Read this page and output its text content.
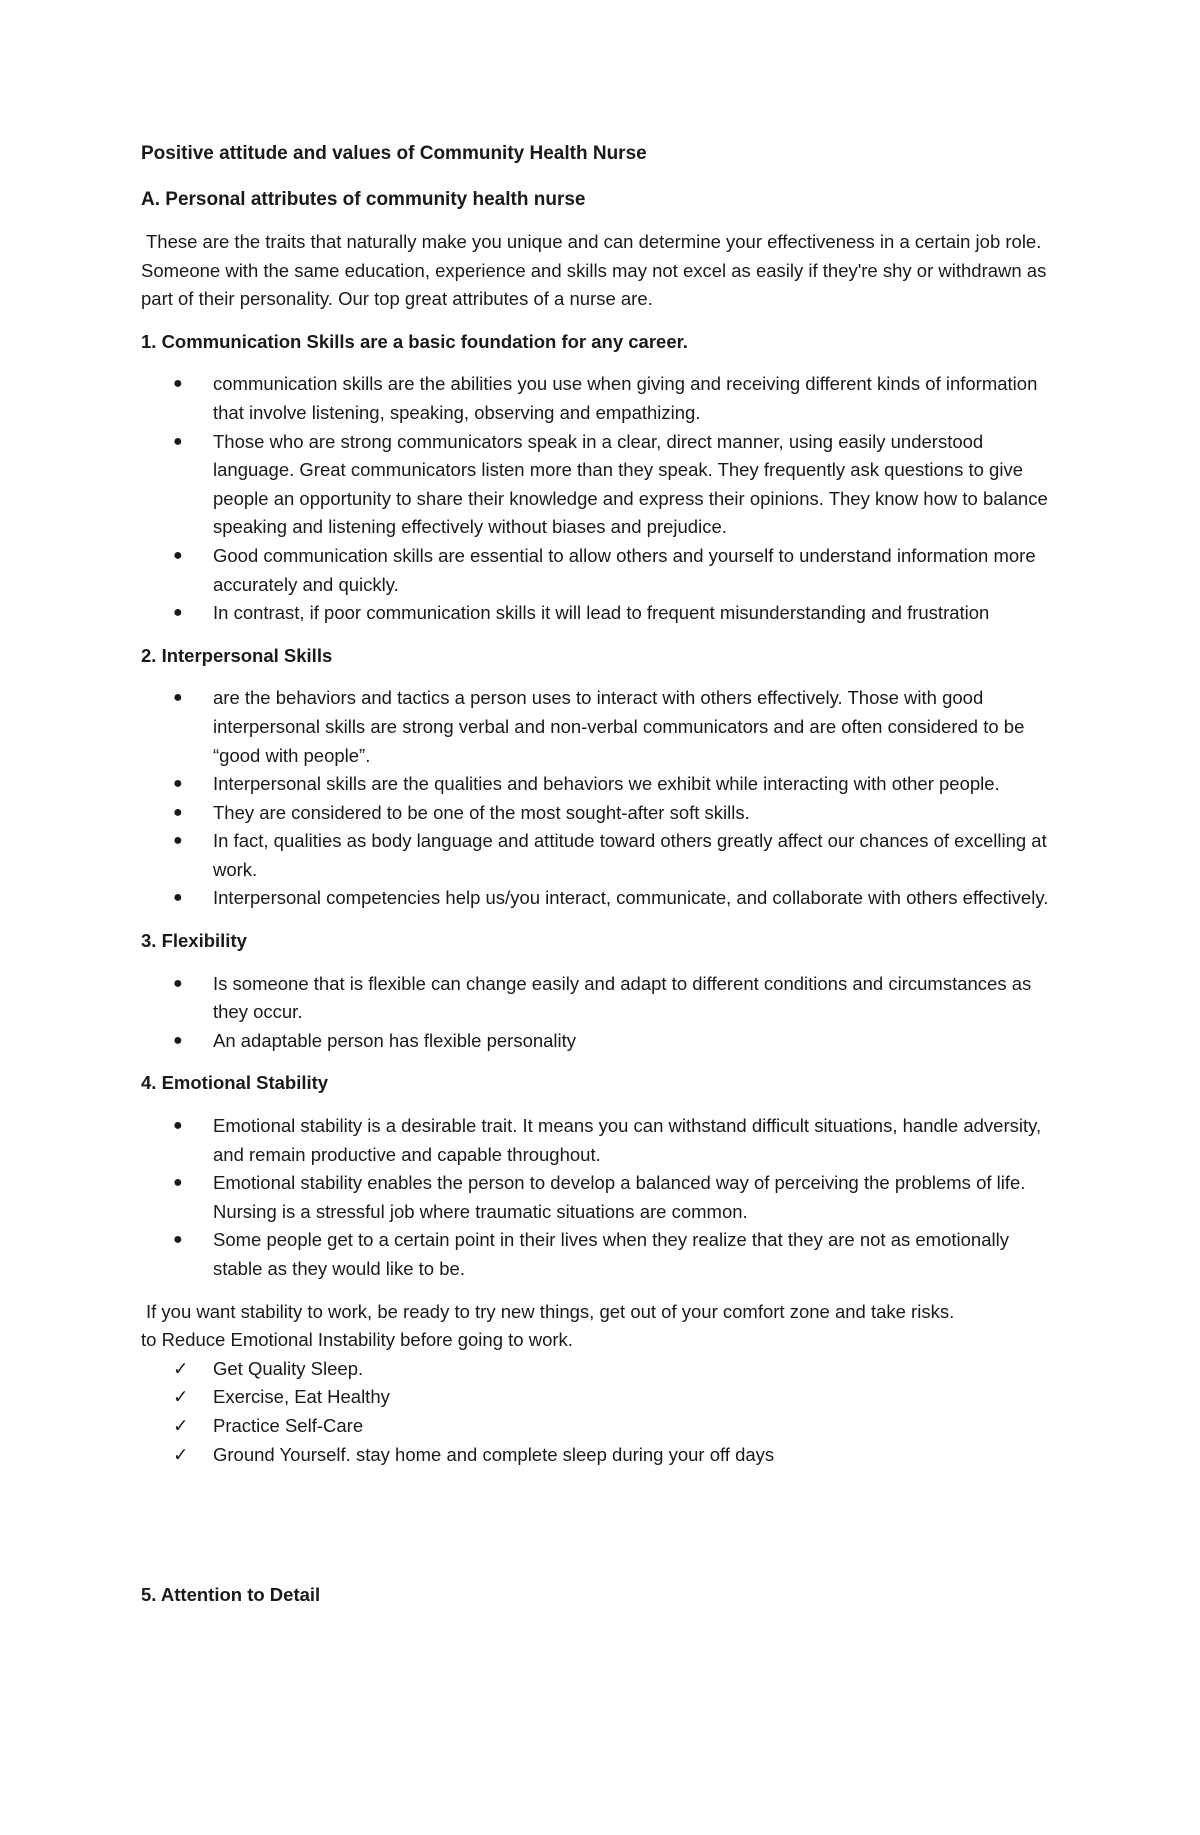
Positive attitude and values of Community Health Nurse

A. Personal attributes of community health nurse

These are the traits that naturally make you unique and can determine your effectiveness in a certain job role. Someone with the same education, experience and skills may not excel as easily if they're shy or withdrawn as part of their personality. Our top great attributes of a nurse are.

1. Communication Skills are a basic foundation for any career.

● communication skills are the abilities you use when giving and receiving different kinds of information that involve listening, speaking, observing and empathizing.
● Those who are strong communicators speak in a clear, direct manner, using easily understood language. Great communicators listen more than they speak. They frequently ask questions to give people an opportunity to share their knowledge and express their opinions. They know how to balance speaking and listening effectively without biases and prejudice.
● Good communication skills are essential to allow others and yourself to understand information more accurately and quickly.
● In contrast, if poor communication skills it will lead to frequent misunderstanding and frustration

2. Interpersonal Skills

● are the behaviors and tactics a person uses to interact with others effectively. Those with good interpersonal skills are strong verbal and non-verbal communicators and are often considered to be “good with people”.
● Interpersonal skills are the qualities and behaviors we exhibit while interacting with other people.
● They are considered to be one of the most sought-after soft skills.
● In fact, qualities as body language and attitude toward others greatly affect our chances of excelling at work.
● Interpersonal competencies help us/you interact, communicate, and collaborate with others effectively.

3. Flexibility

● Is someone that is flexible can change easily and adapt to different conditions and circumstances as they occur.
● An adaptable person has flexible personality

4. Emotional Stability

● Emotional stability is a desirable trait. It means you can withstand difficult situations, handle adversity, and remain productive and capable throughout.
● Emotional stability enables the person to develop a balanced way of perceiving the problems of life. Nursing is a stressful job where traumatic situations are common.
● Some people get to a certain point in their lives when they realize that they are not as emotionally stable as they would like to be.

If you want stability to work, be ready to try new things, get out of your comfort zone and take risks.

to Reduce Emotional Instability before going to work.

✓ Get Quality Sleep.
✓ Exercise, Eat Healthy
✓ Practice Self-Care
✓ Ground Yourself. stay home and complete sleep during your off days

5. Attention to Detail
